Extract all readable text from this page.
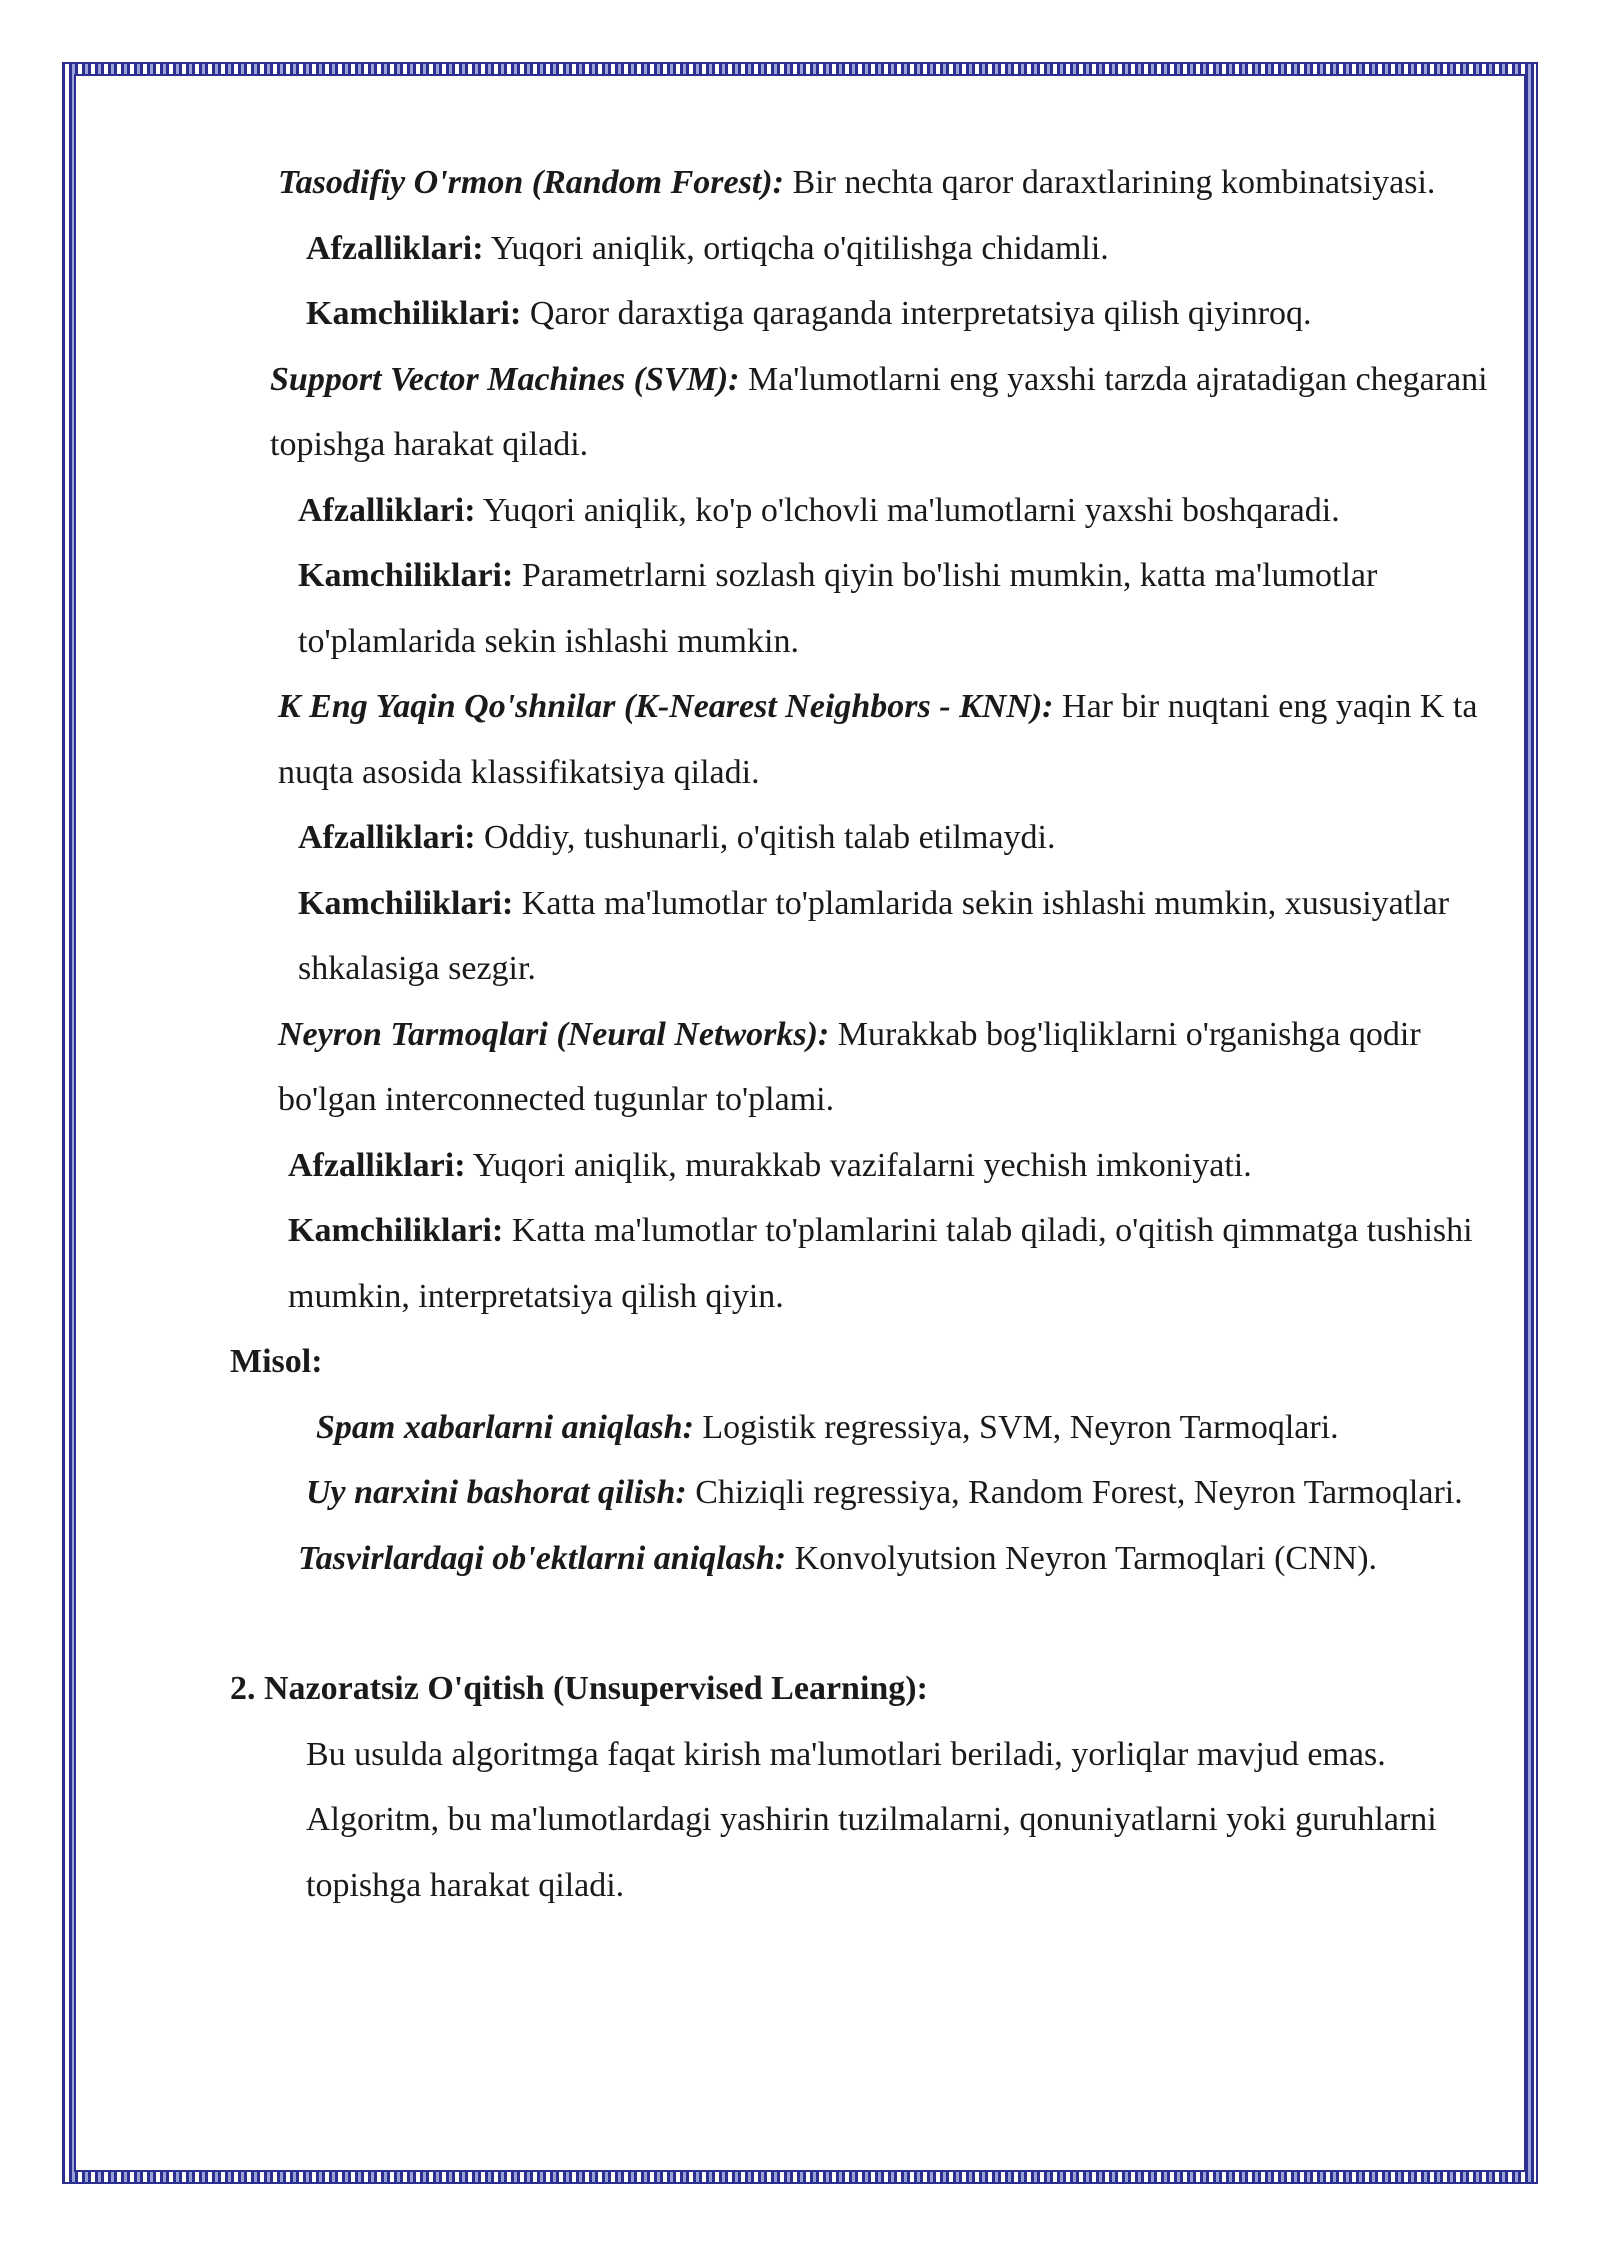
Tasodifiy O'rmon (Random Forest): Bir nechta qaror daraxtlarining kombinatsiyasi.

Afzalliklari: Yuqori aniqlik, ortiqcha o'qitilishga chidamli.

Kamchiliklari: Qaror daraxtiga qaraganda interpretatsiya qilish qiyinroq.

Support Vector Machines (SVM): Ma'lumotlarni eng yaxshi tarzda ajratadigan chegarani topishga harakat qiladi.

Afzalliklari: Yuqori aniqlik, ko'p o'lchovli ma'lumotlarni yaxshi boshqaradi.

Kamchiliklari: Parametrlarni sozlash qiyin bo'lishi mumkin, katta ma'lumotlar to'plamlarida sekin ishlashi mumkin.

K Eng Yaqin Qo'shnilar (K-Nearest Neighbors - KNN): Har bir nuqtani eng yaqin K ta nuqta asosida klassifikatsiya qiladi.

Afzalliklari: Oddiy, tushunarli, o'qitish talab etilmaydi.

Kamchiliklari: Katta ma'lumotlar to'plamlarida sekin ishlashi mumkin, xususiyatlar shkalasiga sezgir.

Neyron Tarmoqlari (Neural Networks): Murakkab bog'liqliklarni o'rganishga qodir bo'lgan interconnected tugunlar to'plami.

Afzalliklari: Yuqori aniqlik, murakkab vazifalarni yechish imkoniyati.

Kamchiliklari: Katta ma'lumotlar to'plamlarini talab qiladi, o'qitish qimmatga tushishi mumkin, interpretatsiya qilish qiyin.

Misol:

Spam xabarlarni aniqlash: Logistik regressiya, SVM, Neyron Tarmoqlari.

Uy narxini bashorat qilish: Chiziqli regressiya, Random Forest, Neyron Tarmoqlari.

Tasvirlardagi ob'ektlarni aniqlash: Konvolyutsion Neyron Tarmoqlari (CNN).

2. Nazoratsiz O'qitish (Unsupervised Learning):

Bu usulda algoritmga faqat kirish ma'lumotlari beriladi, yorliqlar mavjud emas. Algoritm, bu ma'lumotlardagi yashirin tuzilmalarni, qonuniyatlarni yoki guruhlarni topishga harakat qiladi.
